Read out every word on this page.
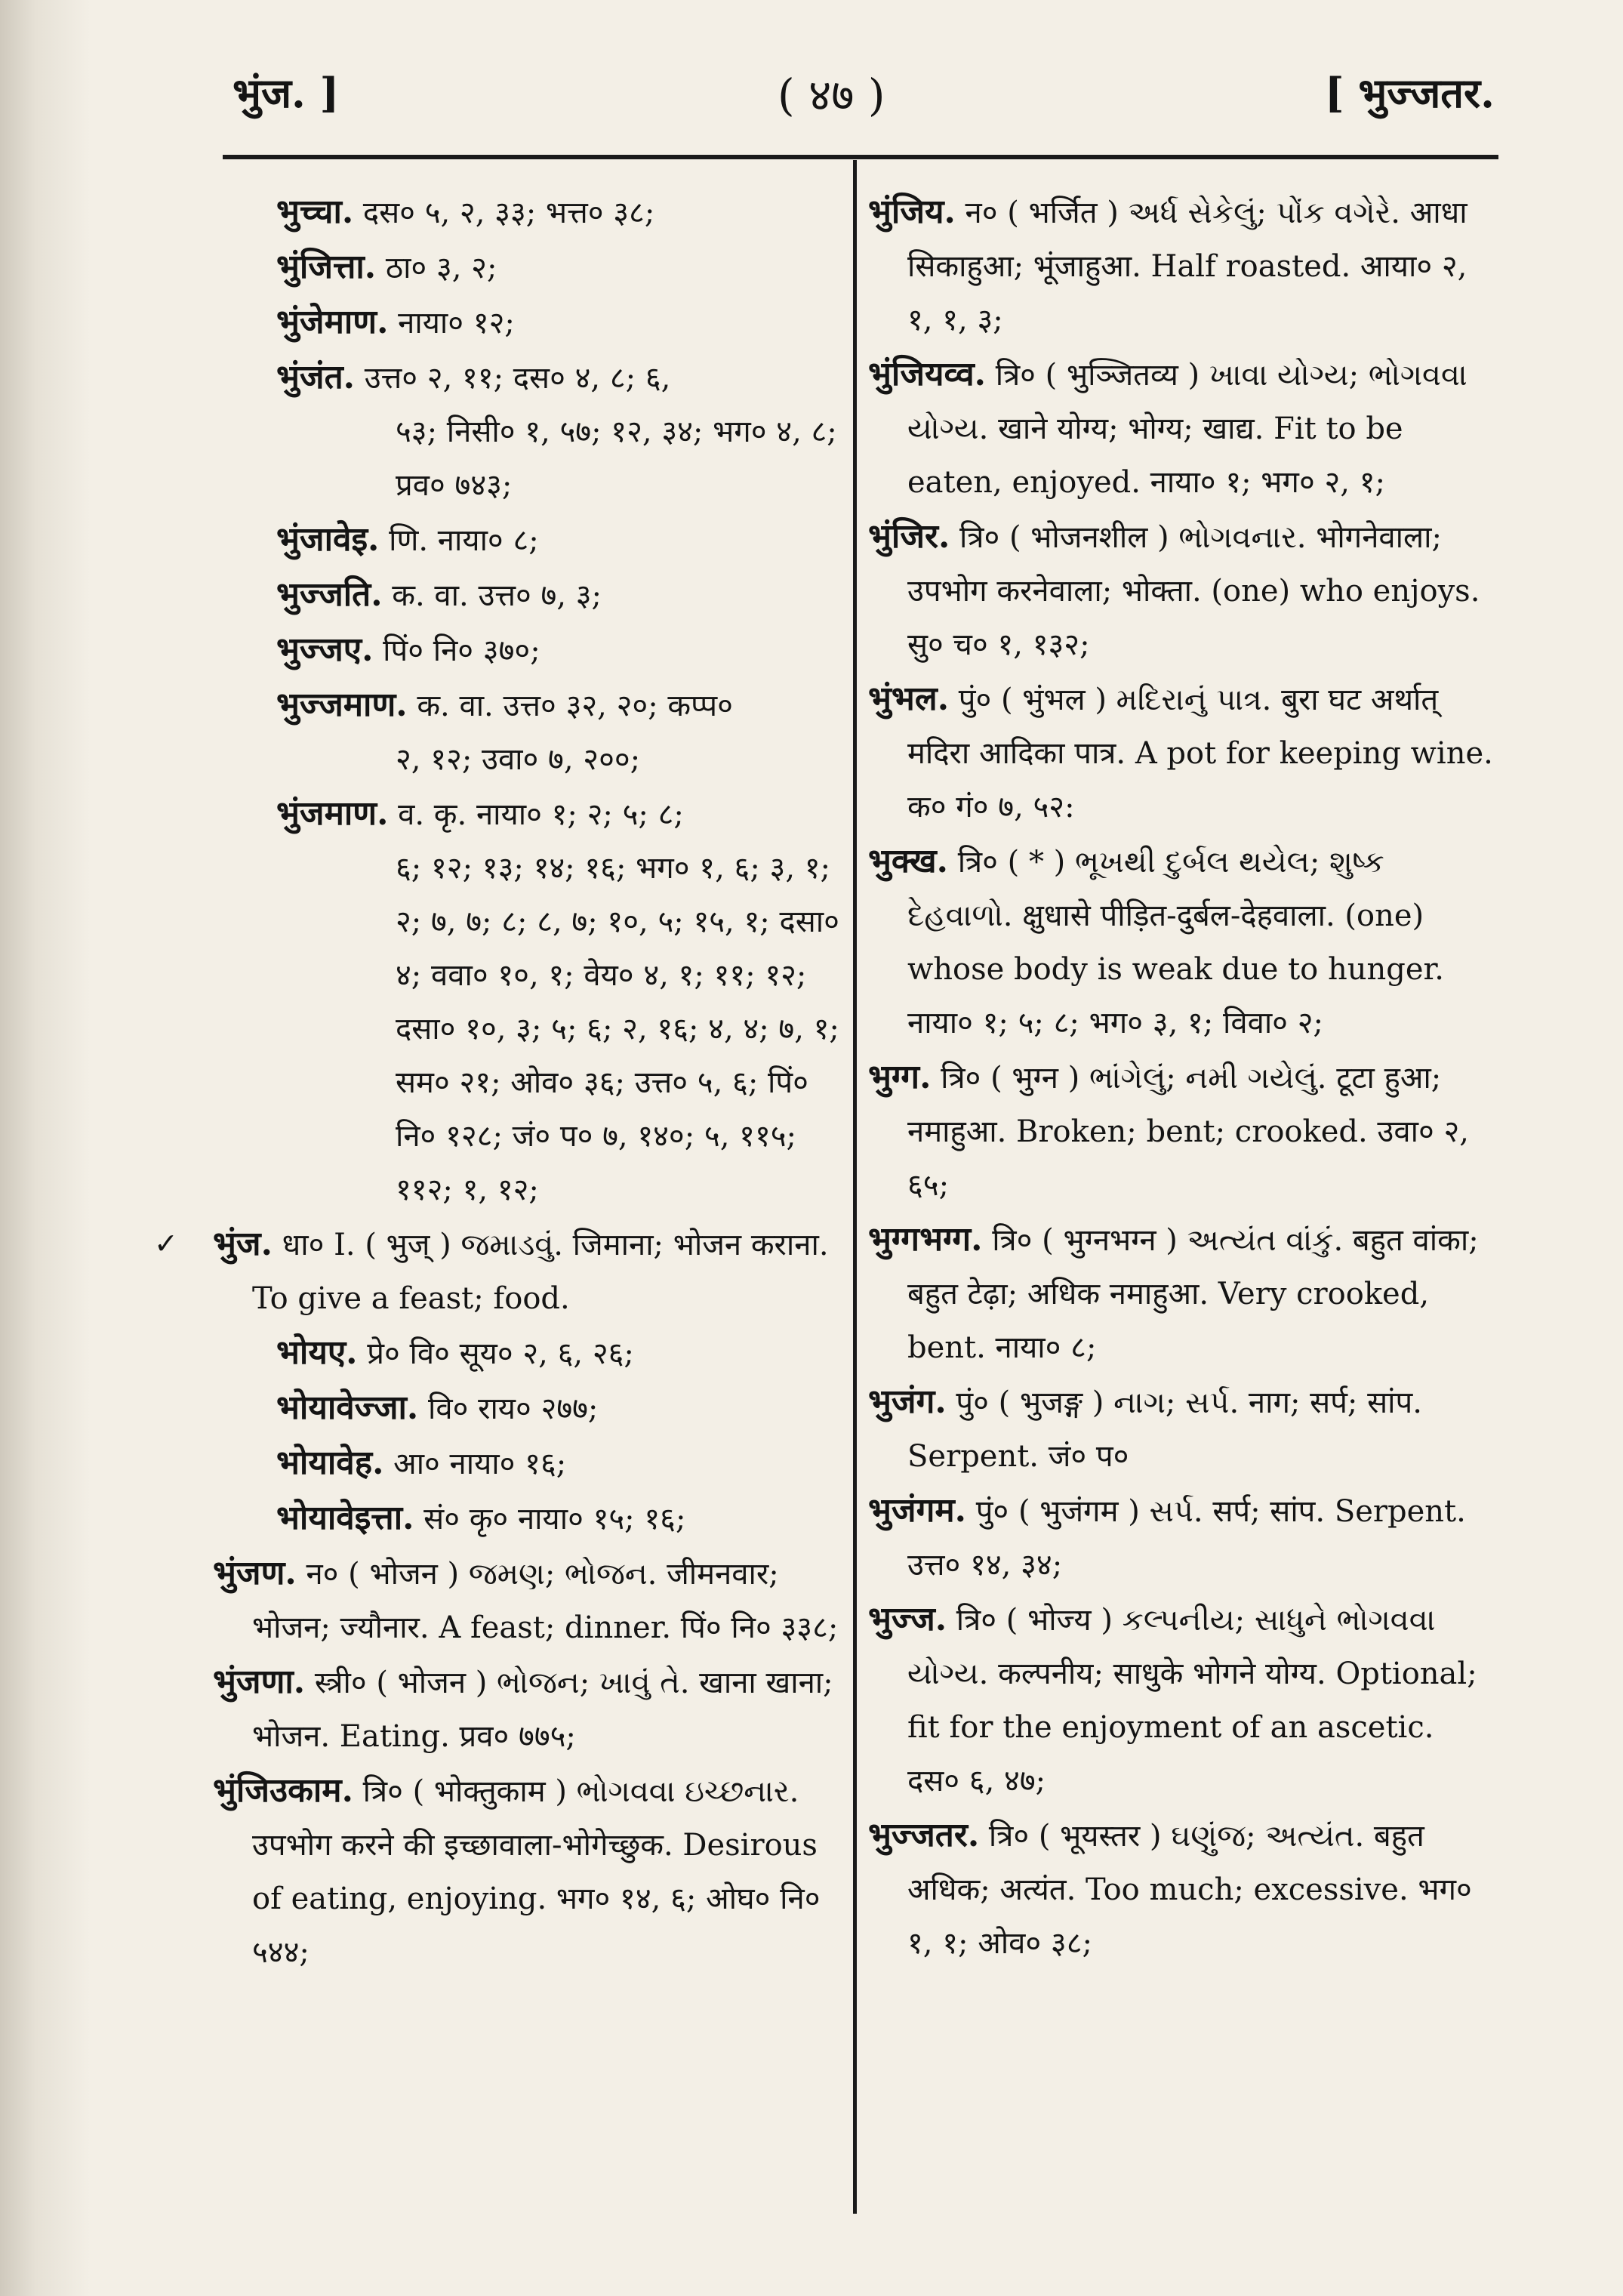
भुंज. ]	( ४७ )	[ भुज्जतर.
भुच्चा. दस० ५, २, ३३; भत्त० ३८;
भुंजित्ता. ठा० ३, २;
भुंजेमाण. नाया० १२;
भुंजंत. उत्त० २, ११; दस० ४, ८; ६,
५३; निसी० १, ५७; १२, ३४; भग० ४, ८; प्रव० ७४३;
भुंजावेइ. णि. नाया० ८;
भुज्जति. क. वा. उत्त० ७, ३;
भुज्जए. पिं० नि० ३७०;
भुज्जमाण. क. वा. उत्त० ३२, २०; कप्प०
२, १२; उवा० ७, २००;
भुंजमाण. व. कृ. नाया० १; २; ५; ८;
६; १२; १३; १४; १६; भग० १, ६; ३, १; २; ७, ७; ८; ८, ७; १०, ५; १५, १; दसा० ४; ववा० १०, १; वेय० ४, १; ११; १२; दसा० १०, ३; ५; ६; २, १६; ४, ४; ७, १; सम० २१; ओव० ३६; उत्त० ५, ६; पिं० नि० १२८; जं० प० ७, १४०; ५, ११५; ११२; १, १२;
✓	भुंज. धा० I. ( भुज् ) જમાડવું. जिमाना; भोजन कराना. To give a feast; food.
भोयए. प्रे० वि० सूय० २, ६, २६;
भोयावेज्जा. वि० राय० २७७;
भोयावेह. आ० नाया० १६;
भोयावेइत्ता. सं० कृ० नाया० १५; १६;
भुंजण. न० ( भोजन ) જમણ; ભોજન. जीमनवार; भोजन; ज्यौनार. A feast; dinner. पिं० नि० ३३८;
भुंजणा. स्त्री० ( भोजन ) ભોજન; ખાવું તે. खाना खाना; भोजन. Eating. प्रव० ७७५;
भुंजिउकाम. त्रि० ( भोक्तुकाम ) ભોગવવા ઇચ્છનાર. उपभोग करने की इच्छावाला-भोगेच्छुक. Desirous of eating, enjoying. भग० १४, ६; ओघ० नि० ५४४;
भुंजिय. न० ( भर्जित ) અર્ધ સેકેલું; પોંક વગેરે. आधा सिकाहुआ; भूंजाहुआ. Half roasted. आया० २, १, १, ३;
भुंजियव्व. त्रि० ( भुञ्जितव्य ) ખાવા યોગ્ય; ભોગવવા યોગ્ય. खाने योग्य; भोग्य; खाद्य. Fit to be eaten, enjoyed. नाया० १; भग० २, १;
भुंजिर. त्रि० ( भोजनशील ) ભોગવનાર. भोगनेवाला; उपभोग करनेवाला; भोक्ता. (one) who enjoys. सु० च० १, १३२;
भुंभल. पुं० ( भुंभल ) મદિરાનું પાત્ર. बुरा घट अर्थात् मदिरा आदिका पात्र. A pot for keeping wine. क० गं० ७, ५२:
भुक्ख. त्रि० ( * ) ભૂખથી દુર્બલ થયેલ; શુષ્ક દેહવાળો. क्षुधासे पीड़ित-दुर्बल-देहवाला. (one) whose body is weak due to hunger. नाया० १; ५; ८; भग० ३, १; विवा० २;
भुग्ग. त्रि० ( भुग्न ) ભાંગેલું; નમી ગયેલું. टूटा हुआ; नमाहुआ. Broken; bent; crooked. उवा० २, ६५;
भुग्गभग्ग. त्रि० ( भुग्नभग्न ) અત્યંત વાંકું. बहुत वांका; बहुत टेढ़ा; अधिक नमाहुआ. Very crooked, bent. नाया० ८;
भुजंग. पुं० ( भुजङ्ग ) નાગ; સર્પ. नाग; सर्प; सांप. Serpent. जं० प०
भुजंगम. पुं० ( भुजंगम ) સર્પ. सर्प; सांप. Serpent. उत्त० १४, ३४;
भुज्ज. त्रि० ( भोज्य ) કલ્પનીય; સાધુને ભોગવવા યોગ્ય. कल्पनीय; साधुके भोगने योग्य. Optional; fit for the enjoyment of an ascetic. दस० ६, ४७;
भुज्जतर. त्रि० ( भूयस्तर ) ઘણુંજ; અત્યંત. बहुत अधिक; अत्यंत. Too much; excessive. भग० १, १; ओव० ३८;
